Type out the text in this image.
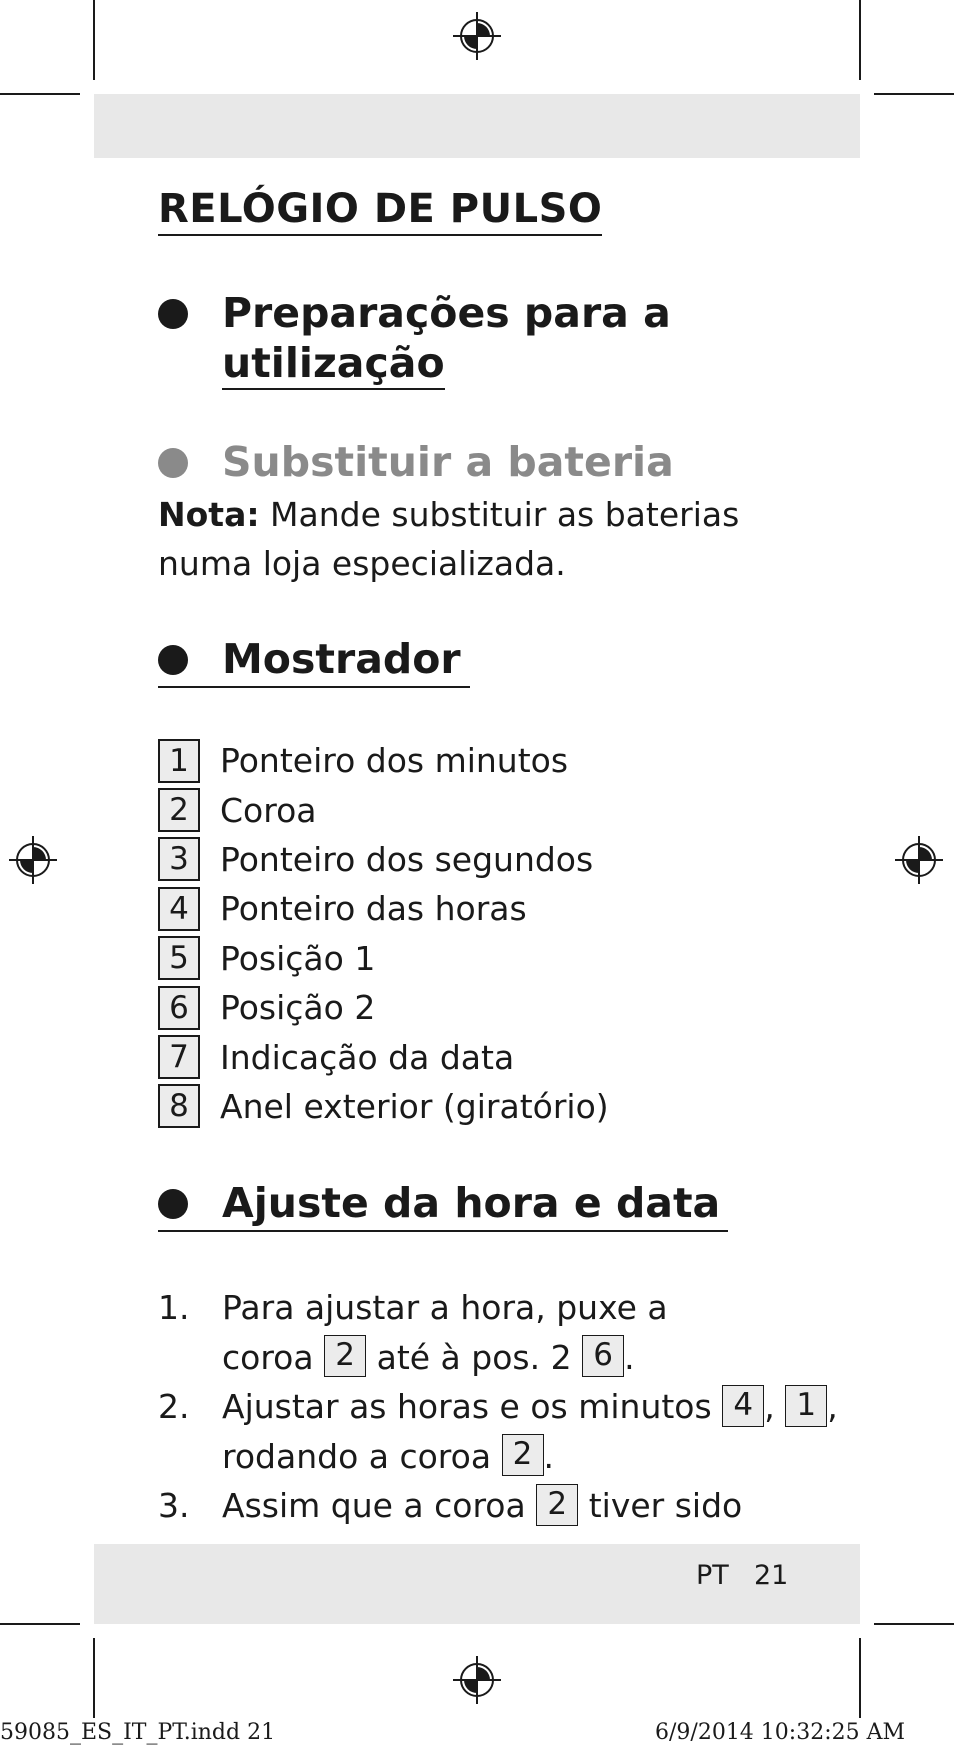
RELÓGIO DE PULSO
Preparações para a
utilização
Substituir a bateria
Nota: Mande substituir as baterias
numa loja especializada.
Mostrador
1 Ponteiro dos minutos
2 Coroa
3 Ponteiro dos segundos
4 Ponteiro das horas
5 Posição 1
6 Posição 2
7 Indicação da data
8 Anel exterior (giratório)
Ajuste da hora e data
1. Para ajustar a hora, puxe a
coroa 2 até à pos. 2 6 .
2. Ajustar as horas e os minutos 4 , 1 ,
rodando a coroa 2 .
3. Assim que a coroa 2 tiver sido
PT 21
59085_ES_IT_PT.indd 21	6/9/2014 10:32:25 AM
